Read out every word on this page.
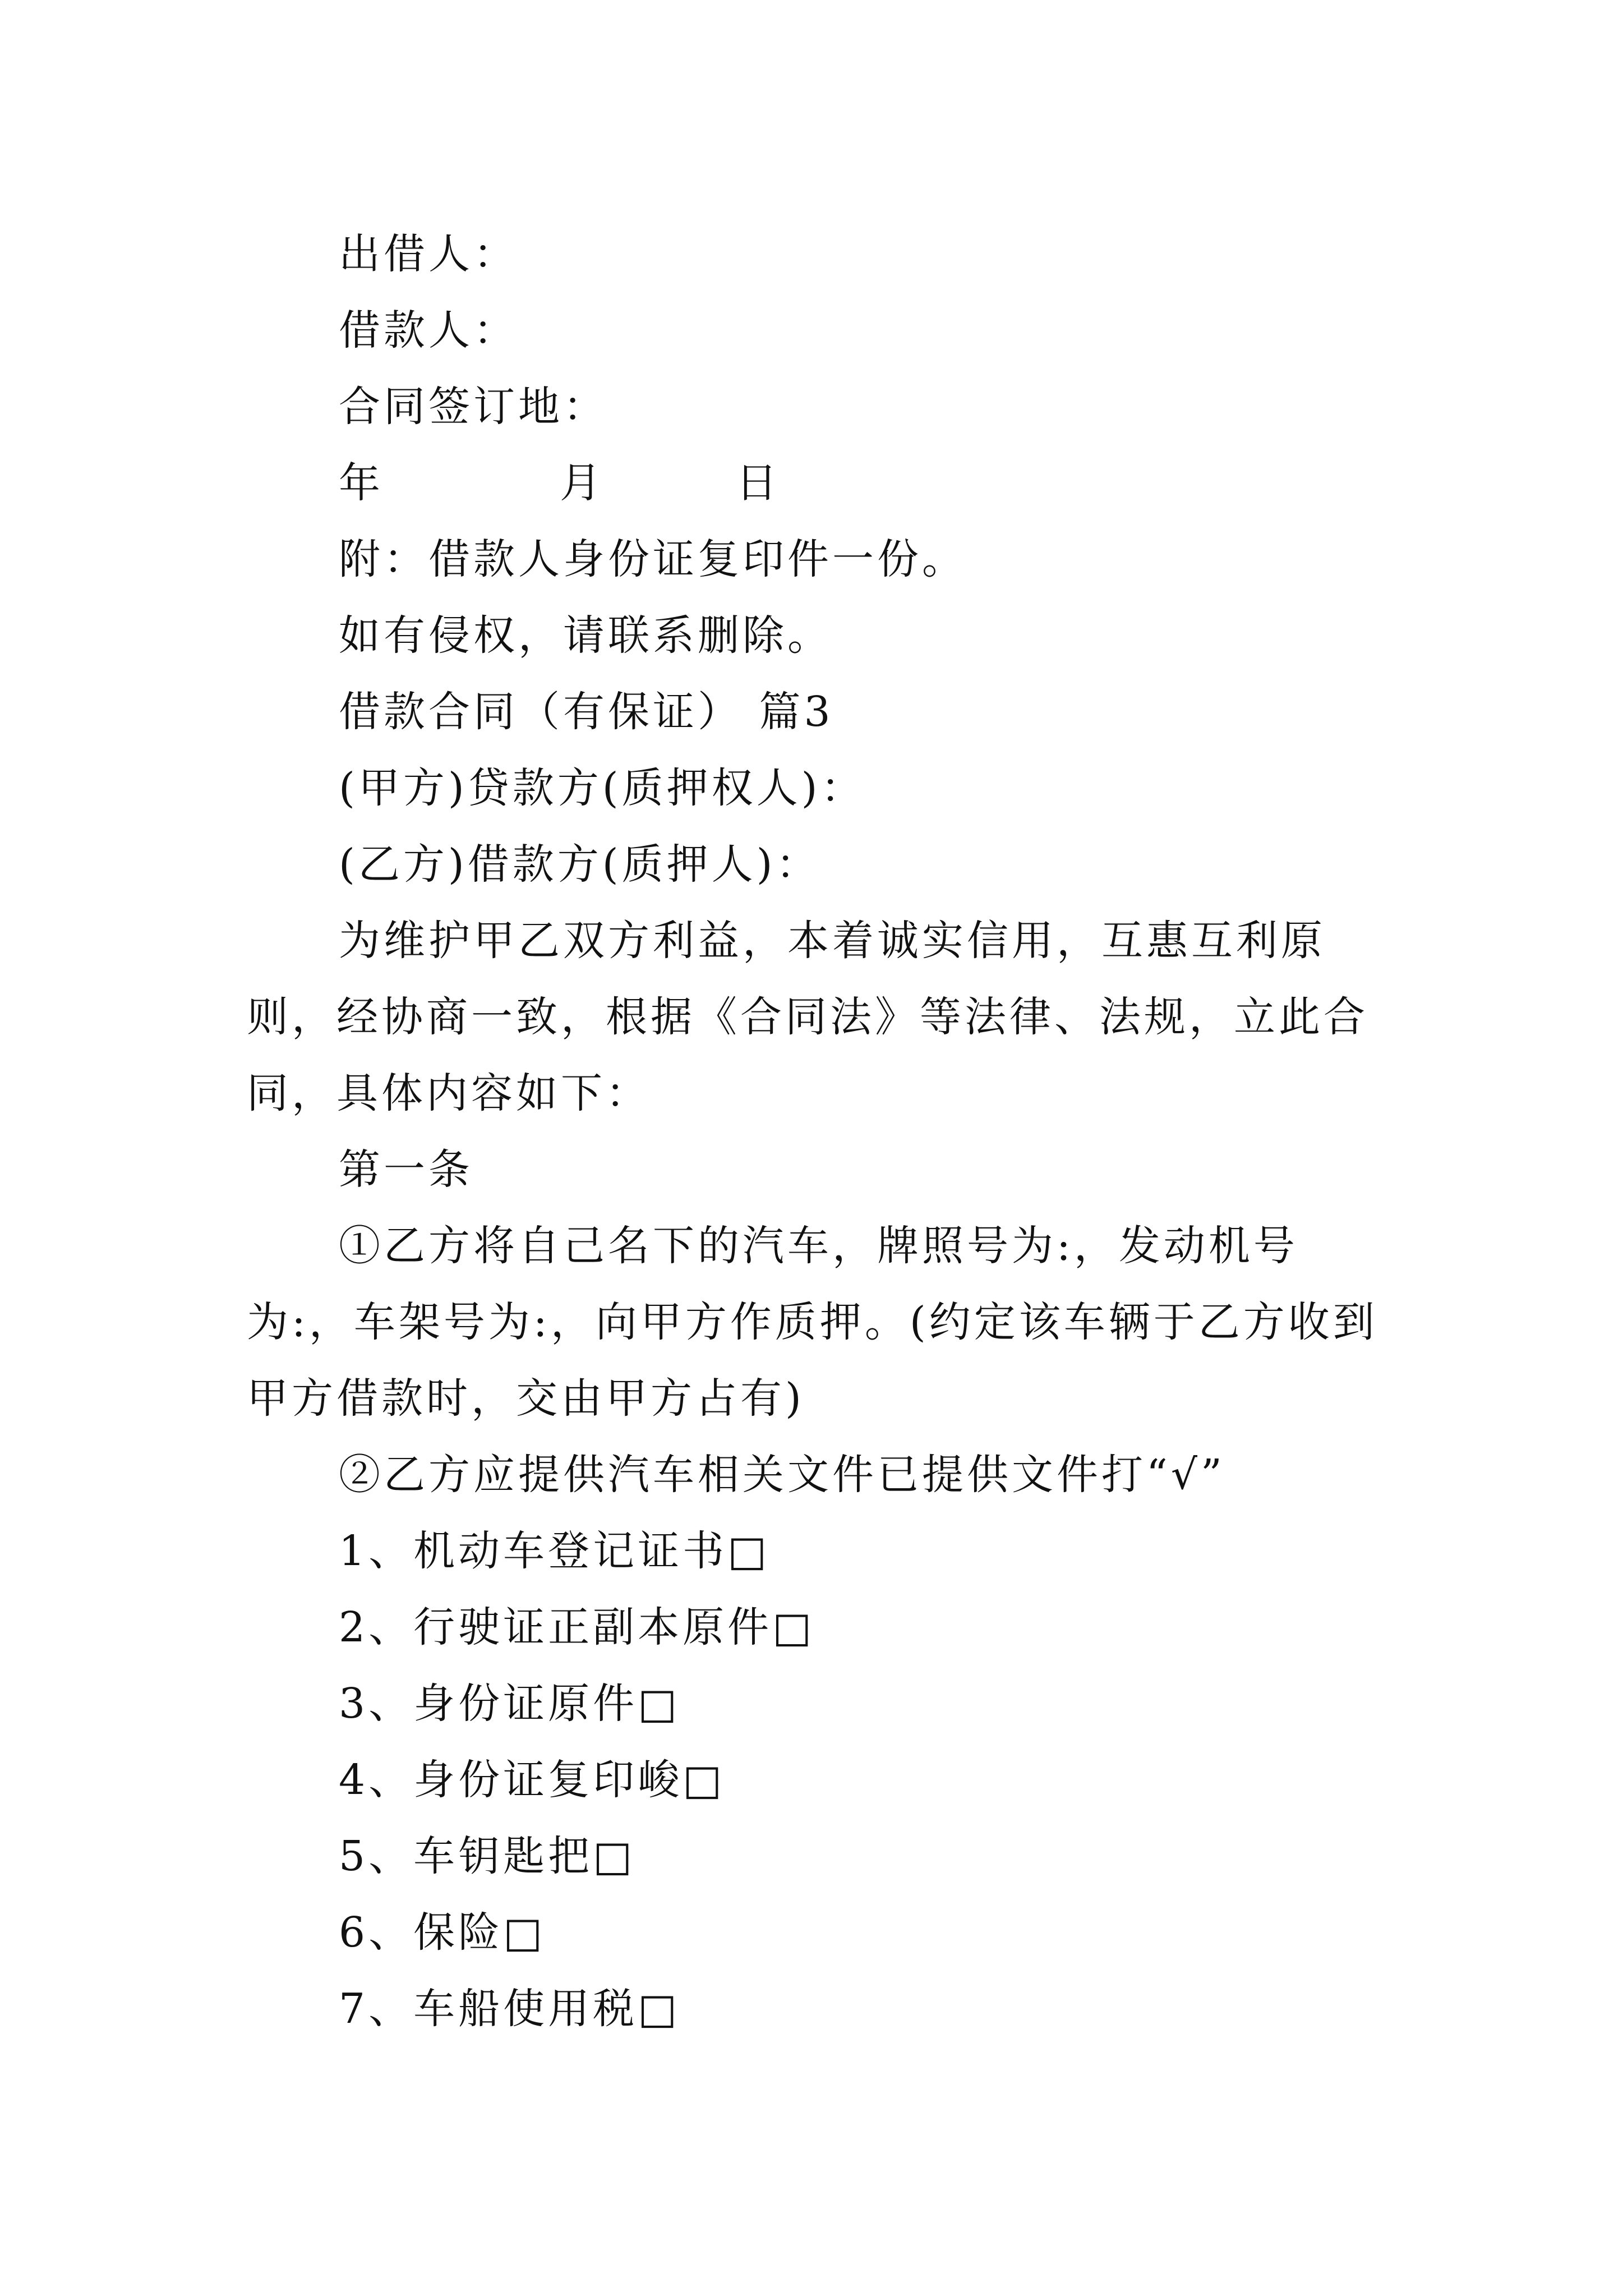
出借人：
借款人：
合同签订地：
年	月	日
附：借款人身份证复印件一份。
如有侵权，请联系删除。
借款合同（有保证） 篇3
(甲方)贷款方(质押权人)：
(乙方)借款方(质押人)：

为维护甲乙双方利益，本着诚实信用，互惠互利原则，经协商一致，根据《合同法》等法律、法规，立此合同，具体内容如下：

第一条

①乙方将自己名下的汽车，牌照号为:，发动机号为:，车架号为:，向甲方作质押。(约定该车辆于乙方收到甲方借款时，交由甲方占有)

②乙方应提供汽车相关文件已提供文件打“√”
1、机动车登记证书□
2、行驶证正副本原件□
3、身份证原件□
4、身份证复印峻□
5、车钥匙把□
6、保险□
7、车船使用税□
